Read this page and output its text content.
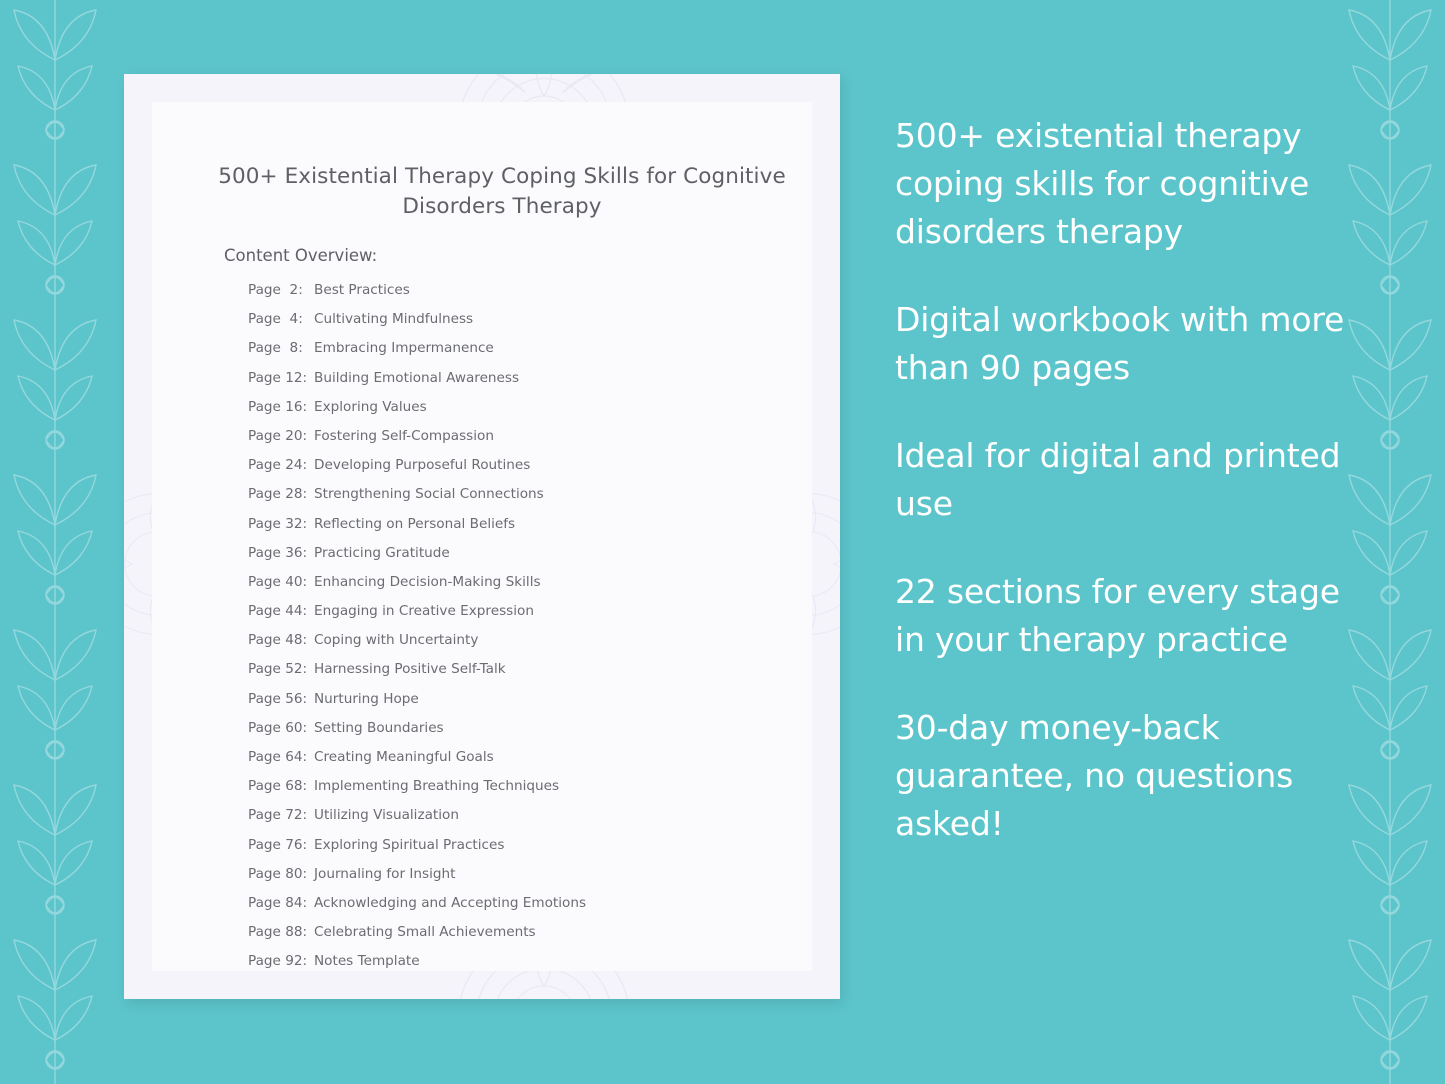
500+ Existential Therapy Coping Skills for Cognitive Disorders Therapy
Content Overview:
Page  2: Best Practices
Page  4: Cultivating Mindfulness
Page  8: Embracing Impermanence
Page 12: Building Emotional Awareness
Page 16: Exploring Values
Page 20: Fostering Self-Compassion
Page 24: Developing Purposeful Routines
Page 28: Strengthening Social Connections
Page 32: Reflecting on Personal Beliefs
Page 36: Practicing Gratitude
Page 40: Enhancing Decision-Making Skills
Page 44: Engaging in Creative Expression
Page 48: Coping with Uncertainty
Page 52: Harnessing Positive Self-Talk
Page 56: Nurturing Hope
Page 60: Setting Boundaries
Page 64: Creating Meaningful Goals
Page 68: Implementing Breathing Techniques
Page 72: Utilizing Visualization
Page 76: Exploring Spiritual Practices
Page 80: Journaling for Insight
Page 84: Acknowledging and Accepting Emotions
Page 88: Celebrating Small Achievements
Page 92: Notes Template
500+ existential therapy coping skills for cognitive disorders therapy
Digital workbook with more than 90 pages
Ideal for digital and printed use
22 sections for every stage in your therapy practice
30-day money-back guarantee, no questions asked!
